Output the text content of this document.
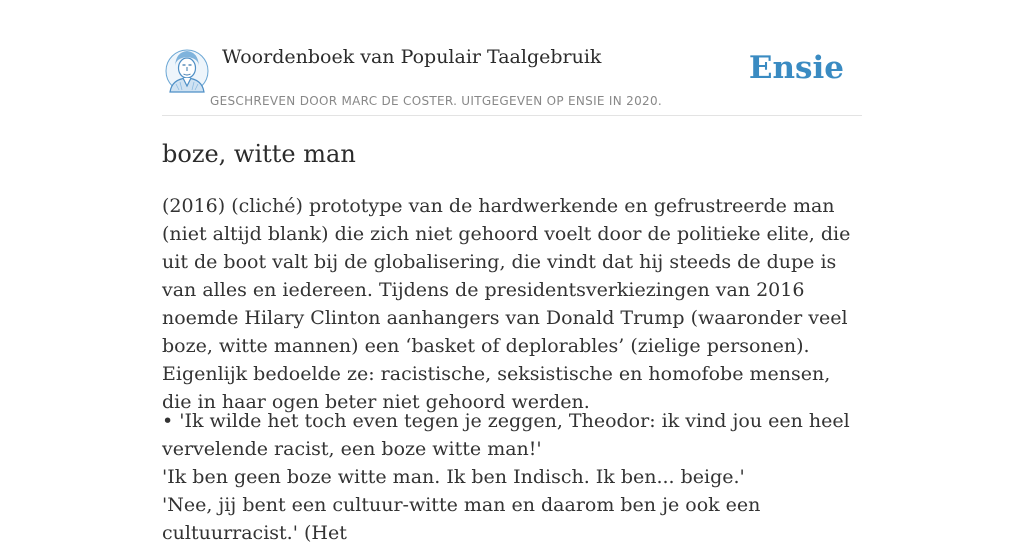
Woordenboek van Populair Taalgebruik
GESCHREVEN DOOR MARC DE COSTER. UITGEGEVEN OP ENSIE IN 2020.
Ensie
boze, witte man

(2016) (cliché) prototype van de hardwerkende en gefrustreerde man (niet altijd blank) die zich niet gehoord voelt door de politieke elite, die uit de boot valt bij de globalisering, die vindt dat hij steeds de dupe is van alles en iedereen. Tijdens de presidentsverkiezingen van 2016 noemde Hilary Clinton aanhangers van Donald Trump (waaronder veel boze, witte mannen) een ‘basket of deplorables’ (zielige personen). Eigenlijk bedoelde ze: racistische, seksistische en homofobe mensen, die in haar ogen beter niet gehoord werden.

• 'Ik wilde het toch even tegen je zeggen, Theodor: ik vind jou een heel vervelende racist, een boze witte man!'
'Ik ben geen boze witte man. Ik ben Indisch. Ik ben... beige.'
'Nee, jij bent een cultuur-witte man en daarom ben je ook een cultuurracist.' (Het
